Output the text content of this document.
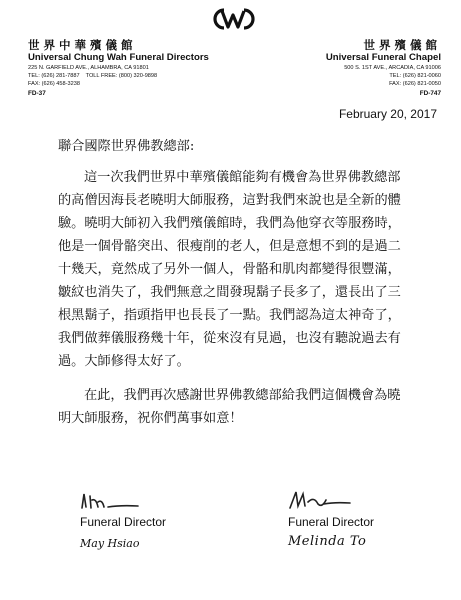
世界中華殯儀館
Universal Chung Wah Funeral Directors
225 N. GARFIELD AVE., ALHAMBRA, CA 91801
TEL: (626) 281-7887 TOLL FREE: (800) 320-9898
FAX: (626) 458-3238
FD-37
世界殯儀館
Universal Funeral Chapel
500 S. 1ST AVE., ARCADIA, CA 91006
TEL: (626) 821-0060
FAX: (626) 821-0050
FD-747
February 20, 2017

聯合國際世界佛教總部:

這一次我們世界中華殯儀館能夠有機會為世界佛教總部
的高僧因海長老曉明大師服務，這對我們來說也是全新的體
驗。曉明大師初入我們殯儀館時，我們為他穿衣等服務時，
他是一個骨骼突出、很瘦削的老人，但是意想不到的是過二
十幾天，竟然成了另外一個人，骨骼和肌肉都變得很豐滿，
皺紋也消失了，我們無意之間發現鬍子長多了，還長出了三
根黑鬍子，指頭指甲也長長了一點。我們認為這太神奇了，
我們做葬儀服務幾十年，從來沒有見過，也沒有聽說過去有
過。大師修得太好了。

在此，我們再次感謝世界佛教總部給我們這個機會為曉
明大師服務，祝你們萬事如意！

Funeral Director
May Hsiao
Funeral Director
Melinda To
